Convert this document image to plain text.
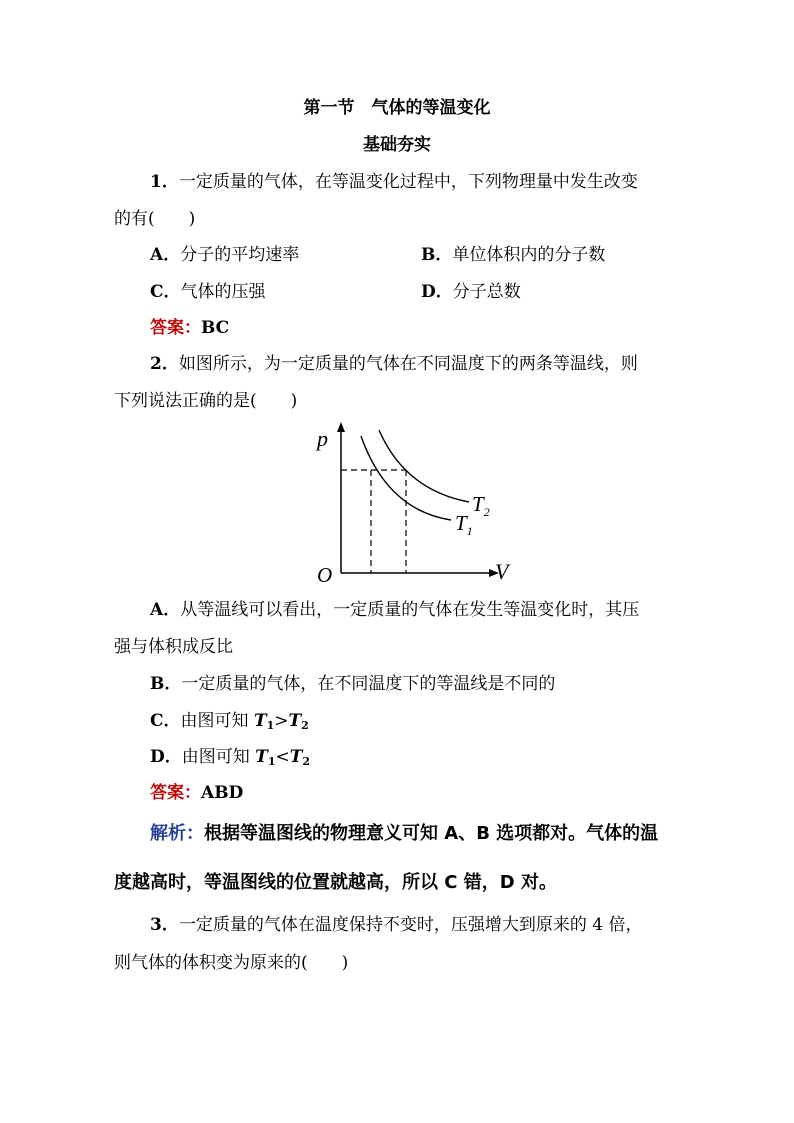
第一节　气体的等温变化
基础夯实
1．一定质量的气体，在等温变化过程中，下列物理量中发生改变
的有(　　)
A．分子的平均速率	B．单位体积内的分子数
C．气体的压强	D．分子总数
答案：BC
2．如图所示，为一定质量的气体在不同温度下的两条等温线，则
下列说法正确的是(　　)
p
V
O
$T_2$
$T_1$
A．从等温线可以看出，一定质量的气体在发生等温变化时，其压
强与体积成反比
B．一定质量的气体，在不同温度下的等温线是不同的
C．由图可知 $T_1>T_2$
D．由图可知 $T_1<T_2$
答案：ABD
解析：根据等温图线的物理意义可知 A、B 选项都对。气体的温
度越高时，等温图线的位置就越高，所以 C 错，D 对。
3．一定质量的气体在温度保持不变时，压强增大到原来的 4 倍，
则气体的体积变为原来的(　　)
